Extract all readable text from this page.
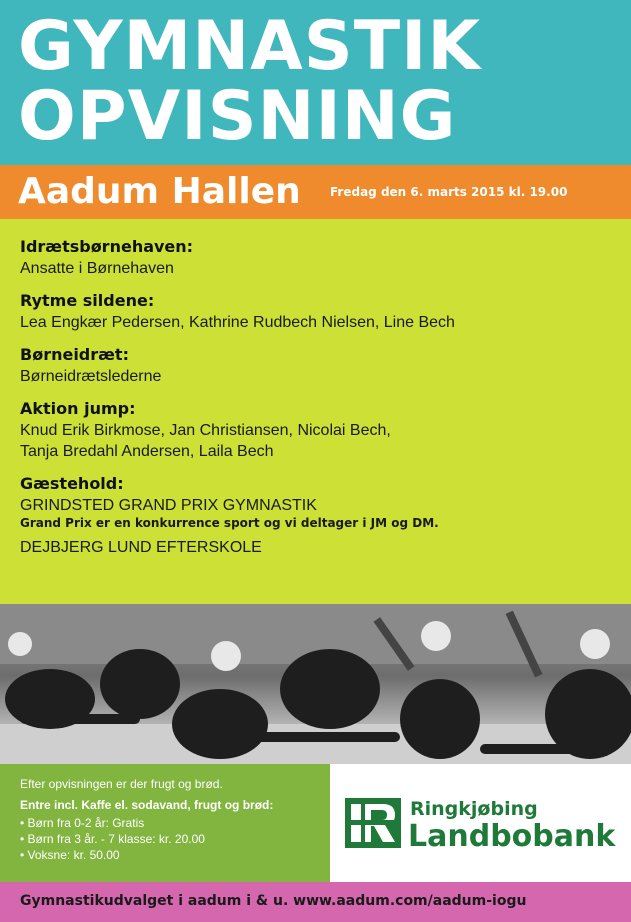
GYMNASTIK
OPVISNING
Aadum Hallen Fredag den 6. marts 2015 kl. 19.00
Idrætsbørnehaven:
Ansatte i Børnehaven
Rytme sildene:
Lea Engkær Pedersen, Kathrine Rudbech Nielsen, Line Bech
Børneidræt:
Børneidrætslederne
Aktion jump:
Knud Erik Birkmose, Jan Christiansen, Nicolai Bech,
Tanja Bredahl Andersen, Laila Bech
Gæstehold:
GRINDSTED GRAND PRIX GYMNASTIK
Grand Prix er en konkurrence sport og vi deltager i JM og DM.
DEJBJERG LUND EFTERSKOLE
Efter opvisningen er der frugt og brød.
Entre incl. Kaffe el. sodavand, frugt og brød:
• Børn fra 0-2 år: Gratis
• Børn fra 3 år. - 7 klasse: kr. 20.00
• Voksne: kr. 50.00
Ringkjøbing
Landbobank
Gymnastikudvalget i aadum i & u. www.aadum.com/aadum-iogu
